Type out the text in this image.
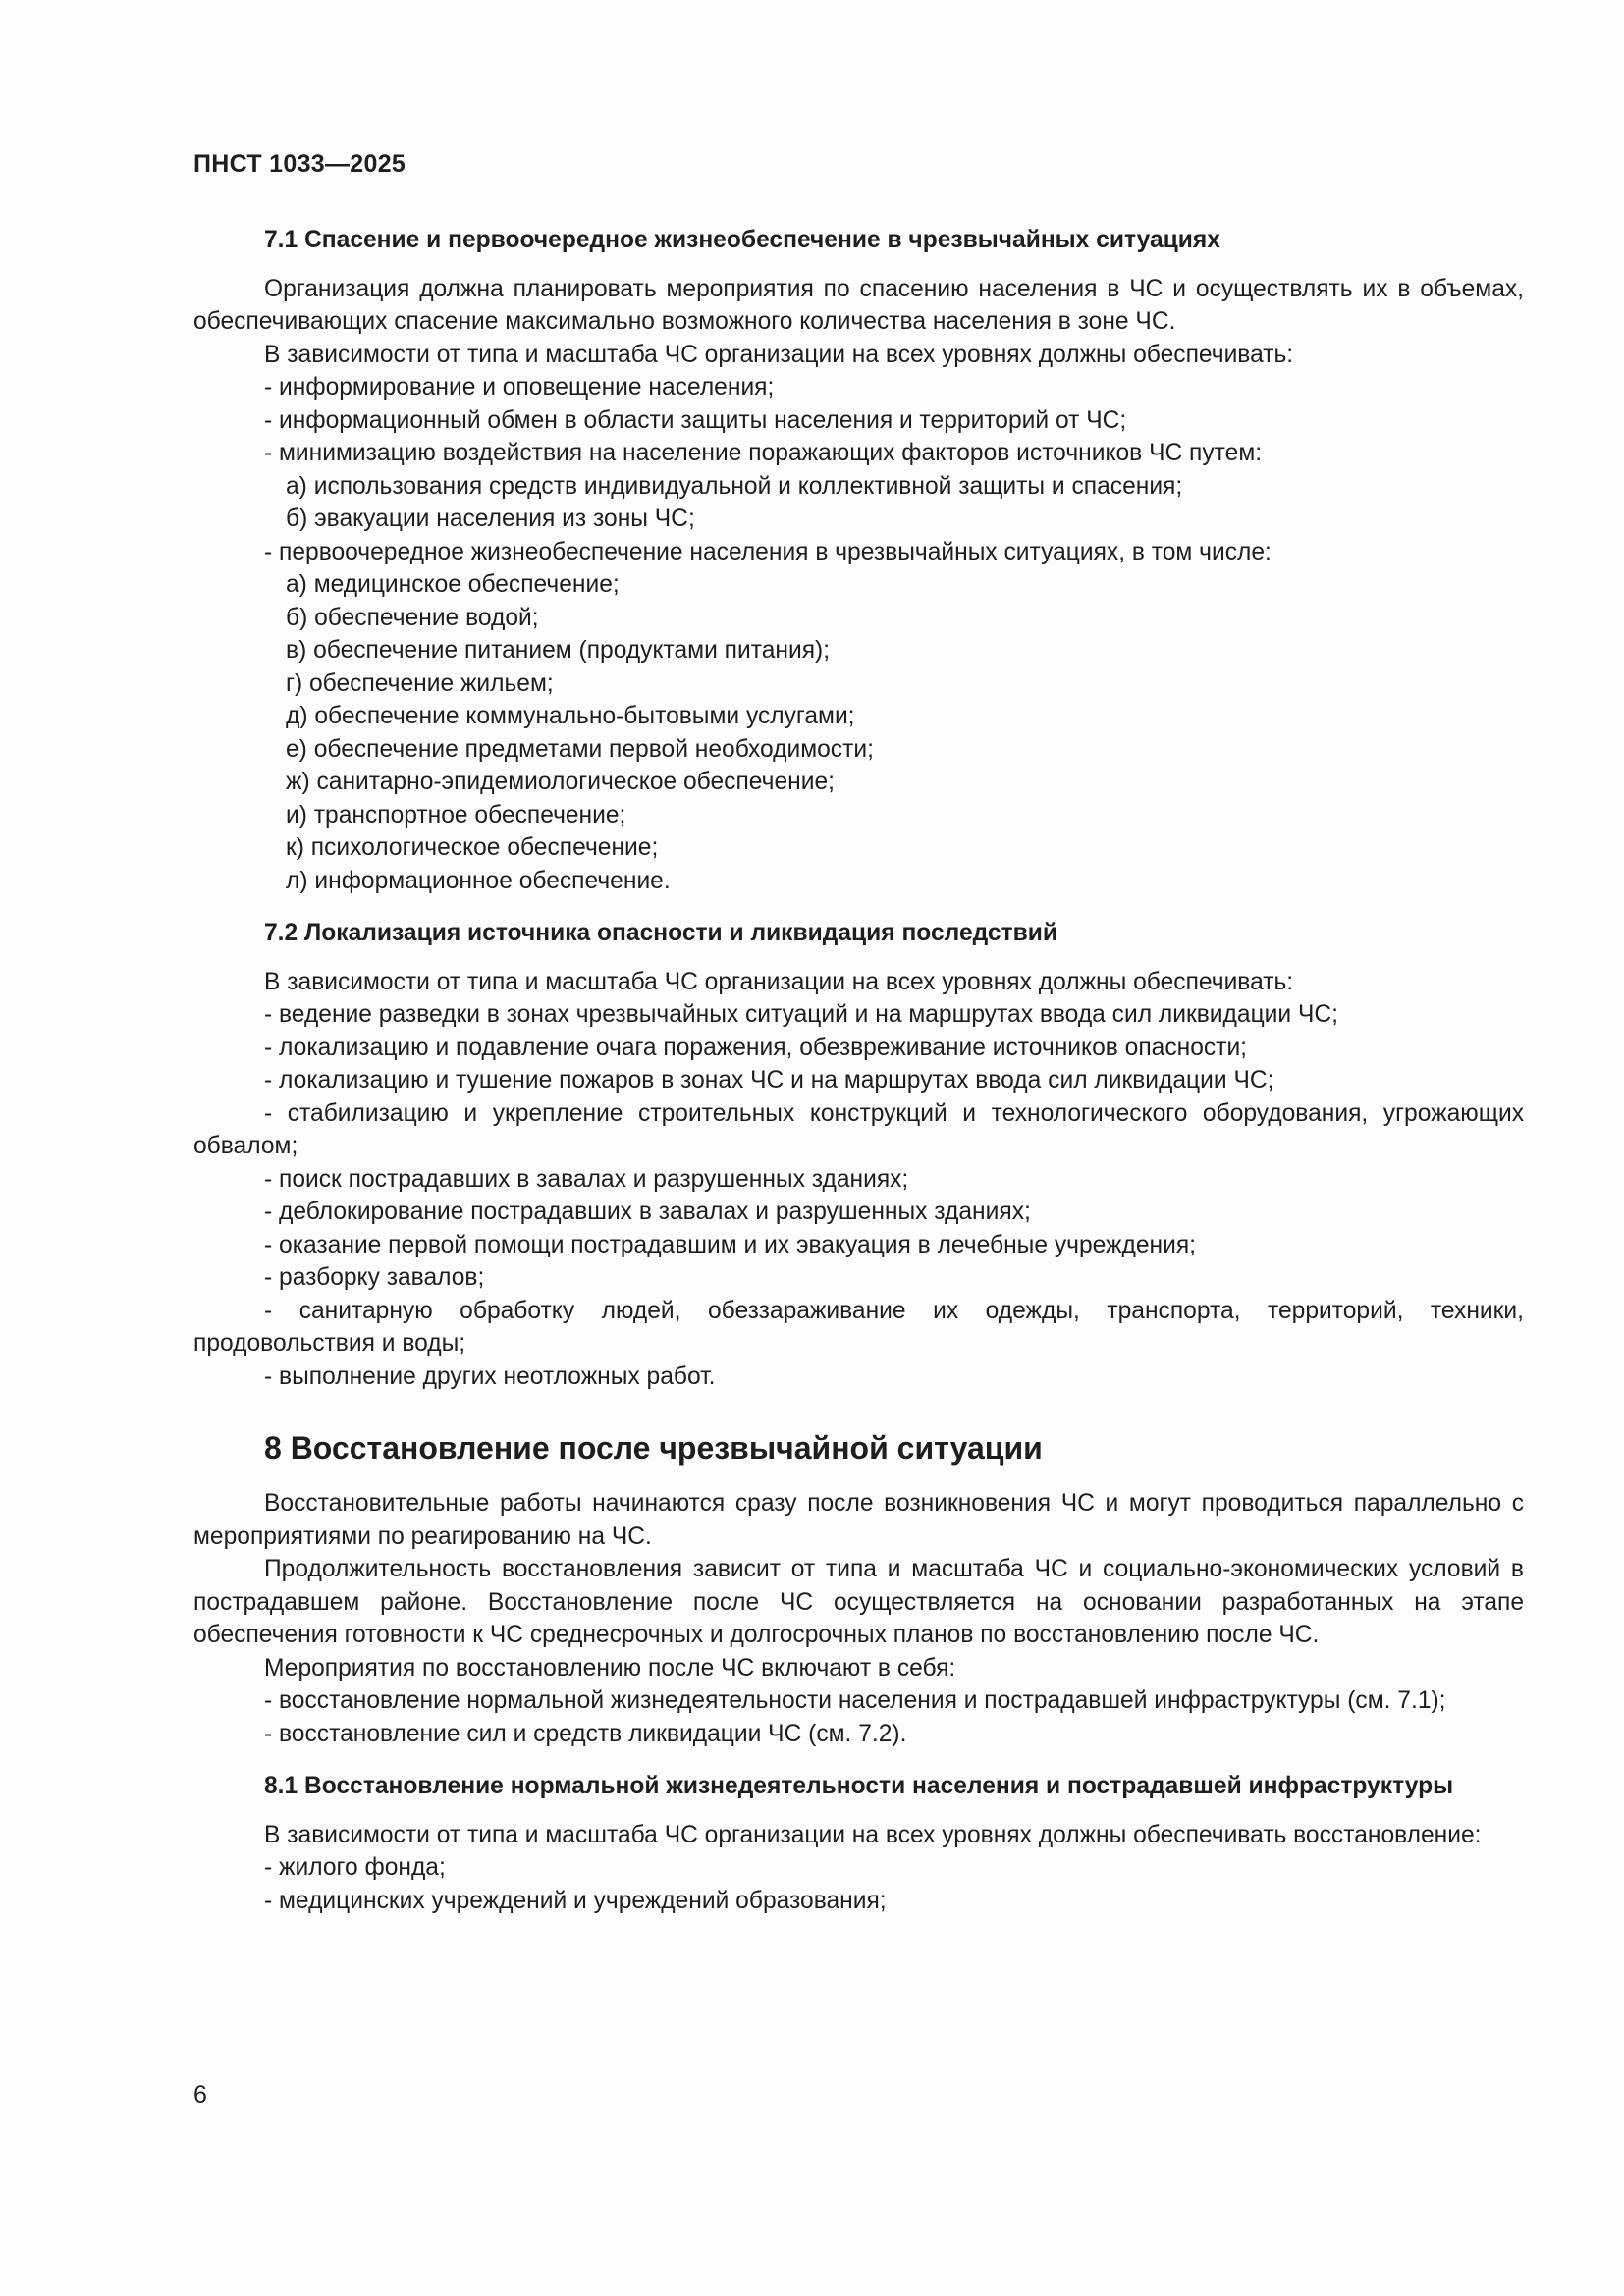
ПНСТ 1033—2025

7.1 Спасение и первоочередное жизнеобеспечение в чрезвычайных ситуациях

Организация должна планировать мероприятия по спасению населения в ЧС и осуществлять их в объемах, обеспечивающих спасение максимально возможного количества населения в зоне ЧС.

В зависимости от типа и масштаба ЧС организации на всех уровнях должны обеспечивать:

- информирование и оповещение населения;

- информационный обмен в области защиты населения и территорий от ЧС;

- минимизацию воздействия на население поражающих факторов источников ЧС путем:

а) использования средств индивидуальной и коллективной защиты и спасения;

б) эвакуации населения из зоны ЧС;

- первоочередное жизнеобеспечение населения в чрезвычайных ситуациях, в том числе:

а) медицинское обеспечение;

б) обеспечение водой;

в) обеспечение питанием (продуктами питания);

г) обеспечение жильем;

д) обеспечение коммунально-бытовыми услугами;

е) обеспечение предметами первой необходимости;

ж) санитарно-эпидемиологическое обеспечение;

и) транспортное обеспечение;

к) психологическое обеспечение;

л) информационное обеспечение.

7.2 Локализация источника опасности и ликвидация последствий

В зависимости от типа и масштаба ЧС организации на всех уровнях должны обеспечивать:

- ведение разведки в зонах чрезвычайных ситуаций и на маршрутах ввода сил ликвидации ЧС;

- локализацию и подавление очага поражения, обезвреживание источников опасности;

- локализацию и тушение пожаров в зонах ЧС и на маршрутах ввода сил ликвидации ЧС;

- стабилизацию и укрепление строительных конструкций и технологического оборудования, угрожающих обвалом;

- поиск пострадавших в завалах и разрушенных зданиях;

- деблокирование пострадавших в завалах и разрушенных зданиях;

- оказание первой помощи пострадавшим и их эвакуация в лечебные учреждения;

- разборку завалов;

- санитарную обработку людей, обеззараживание их одежды, транспорта, территорий, техники, продовольствия и воды;

- выполнение других неотложных работ.

8 Восстановление после чрезвычайной ситуации

Восстановительные работы начинаются сразу после возникновения ЧС и могут проводиться параллельно с мероприятиями по реагированию на ЧС.

Продолжительность восстановления зависит от типа и масштаба ЧС и социально-экономических условий в пострадавшем районе. Восстановление после ЧС осуществляется на основании разработанных на этапе обеспечения готовности к ЧС среднесрочных и долгосрочных планов по восстановлению после ЧС.

Мероприятия по восстановлению после ЧС включают в себя:

- восстановление нормальной жизнедеятельности населения и пострадавшей инфраструктуры (см. 7.1);

- восстановление сил и средств ликвидации ЧС (см. 7.2).

8.1 Восстановление нормальной жизнедеятельности населения и пострадавшей инфраструктуры

В зависимости от типа и масштаба ЧС организации на всех уровнях должны обеспечивать восстановление:

- жилого фонда;

- медицинских учреждений и учреждений образования;

6
